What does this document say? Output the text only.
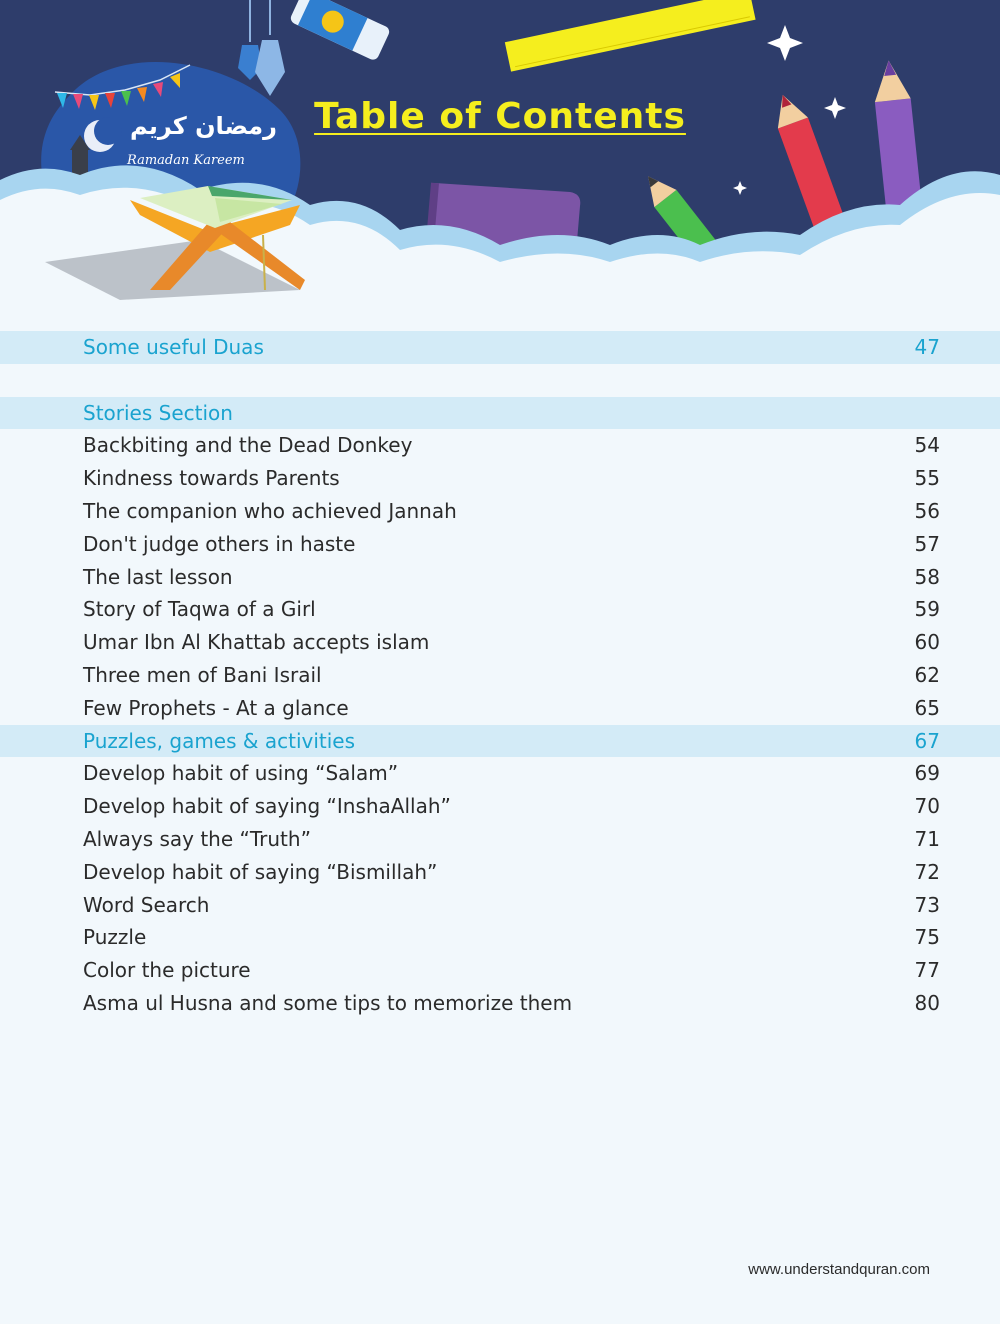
رمضان كريم
Ramadan Kareem
Table of Contents
Some useful Duas	47
Stories Section
Backbiting and the Dead Donkey	54
Kindness towards Parents	55
The companion who achieved Jannah	56
Don't judge others in haste	57
The last lesson	58
Story of Taqwa of a Girl	59
Umar Ibn Al Khattab accepts islam	60
Three men of Bani Israil	62
Few Prophets - At a glance	65
Puzzles, games & activities	67
Develop habit of using “Salam”	69
Develop habit of saying “InshaAllah”	70
Always say the “Truth”	71
Develop habit of saying “Bismillah”	72
Word Search	73
Puzzle	75
Color the picture	77
Asma ul Husna and some tips to memorize them	80
www.understandquran.com
